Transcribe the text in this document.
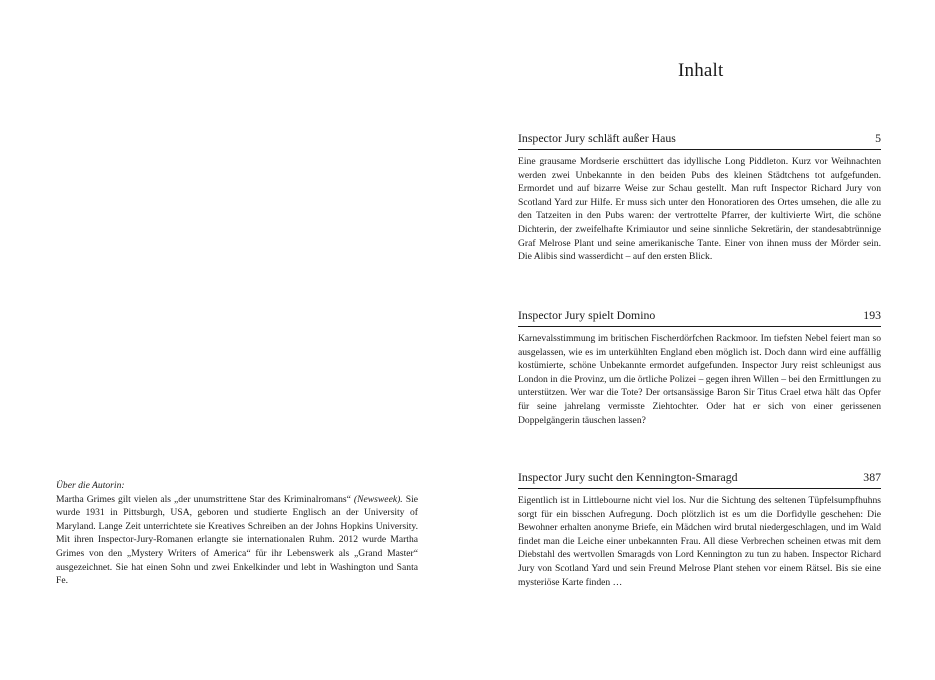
Über die Autorin:

Martha Grimes gilt vielen als „der unumstrittene Star des Kriminalromans“ (Newsweek). Sie wurde 1931 in Pittsburgh, USA, geboren und studierte Englisch an der University of Maryland. Lange Zeit unterrichtete sie Kreatives Schreiben an der Johns Hopkins University. Mit ihren Inspector-Jury-Romanen erlangte sie internationalen Ruhm. 2012 wurde Martha Grimes von den „Mystery Writers of America“ für ihr Lebenswerk als „Grand Master“ ausgezeichnet. Sie hat einen Sohn und zwei Enkelkinder und lebt in Washington und Santa Fe.

Inhalt
Inspector Jury schläft außer Haus	5

Eine grausame Mordserie erschüttert das idyllische Long Piddleton. Kurz vor Weihnachten werden zwei Unbekannte in den beiden Pubs des kleinen Städtchens tot aufgefunden. Ermordet und auf bizarre Weise zur Schau gestellt. Man ruft Inspector Richard Jury von Scotland Yard zur Hilfe. Er muss sich unter den Honoratioren des Ortes umsehen, die alle zu den Tatzeiten in den Pubs waren: der vertrottelte Pfarrer, der kultivierte Wirt, die schöne Dichterin, der zweifelhafte Krimiautor und seine sinnliche Sekretärin, der standesabtrünnige Graf Melrose Plant und seine amerikanische Tante. Einer von ihnen muss der Mörder sein. Die Alibis sind wasserdicht – auf den ersten Blick.

Inspector Jury spielt Domino	193

Karnevalsstimmung im britischen Fischerdörfchen Rackmoor. Im tiefsten Nebel feiert man so ausgelassen, wie es im unterkühlten England eben möglich ist. Doch dann wird eine auffällig kostümierte, schöne Unbekannte ermordet aufgefunden. Inspector Jury reist schleunigst aus London in die Provinz, um die örtliche Polizei – gegen ihren Willen – bei den Ermittlungen zu unterstützen. Wer war die Tote? Der ortsansässige Baron Sir Titus Crael etwa hält das Opfer für seine jahrelang vermisste Ziehtochter. Oder hat er sich von einer gerissenen Doppelgängerin täuschen lassen?

Inspector Jury sucht den Kennington-Smaragd	387

Eigentlich ist in Littlebourne nicht viel los. Nur die Sichtung des seltenen Tüpfelsumpfhuhns sorgt für ein bisschen Aufregung. Doch plötzlich ist es um die Dorfidylle geschehen: Die Bewohner erhalten anonyme Briefe, ein Mädchen wird brutal niedergeschlagen, und im Wald findet man die Leiche einer unbekannten Frau. All diese Verbrechen scheinen etwas mit dem Diebstahl des wertvollen Smaragds von Lord Kennington zu tun zu haben. Inspector Richard Jury von Scotland Yard und sein Freund Melrose Plant stehen vor einem Rätsel. Bis sie eine mysteriöse Karte finden …
